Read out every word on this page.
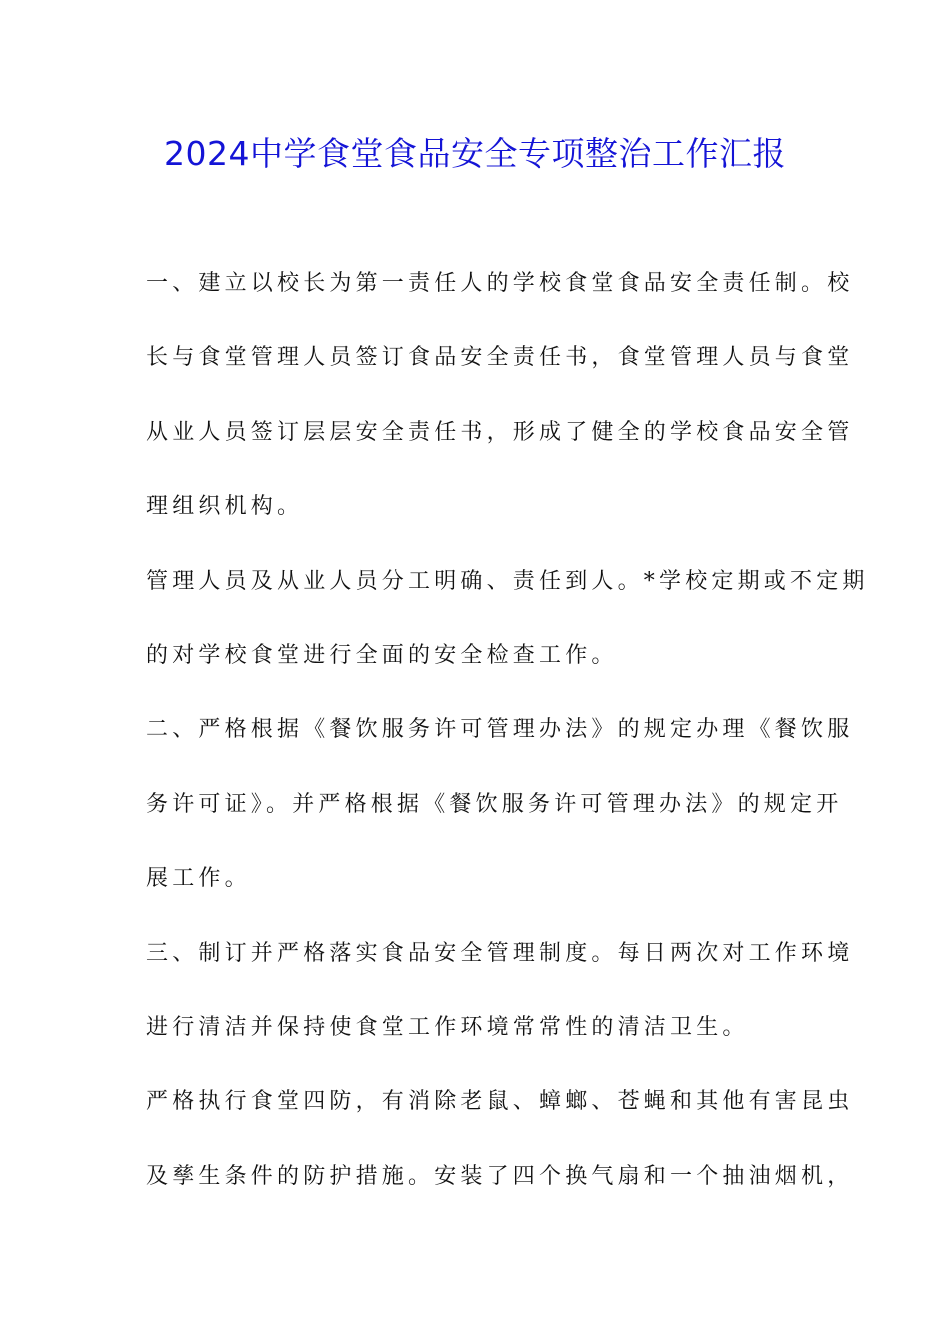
2024中学食堂食品安全专项整治工作汇报
一、建立以校长为第一责任人的学校食堂食品安全责任制。校
长与食堂管理人员签订食品安全责任书，食堂管理人员与食堂
从业人员签订层层安全责任书，形成了健全的学校食品安全管
理组织机构。
管理人员及从业人员分工明确、责任到人。*学校定期或不定期
的对学校食堂进行全面的安全检查工作。
二、严格根据《餐饮服务许可管理办法》的规定办理《餐饮服
务许可证》。并严格根据《餐饮服务许可管理办法》的规定开
展工作。
三、制订并严格落实食品安全管理制度。每日两次对工作环境
进行清洁并保持使食堂工作环境常常性的清洁卫生。
严格执行食堂四防，有消除老鼠、蟑螂、苍蝇和其他有害昆虫
及孳生条件的防护措施。安装了四个换气扇和一个抽油烟机，
